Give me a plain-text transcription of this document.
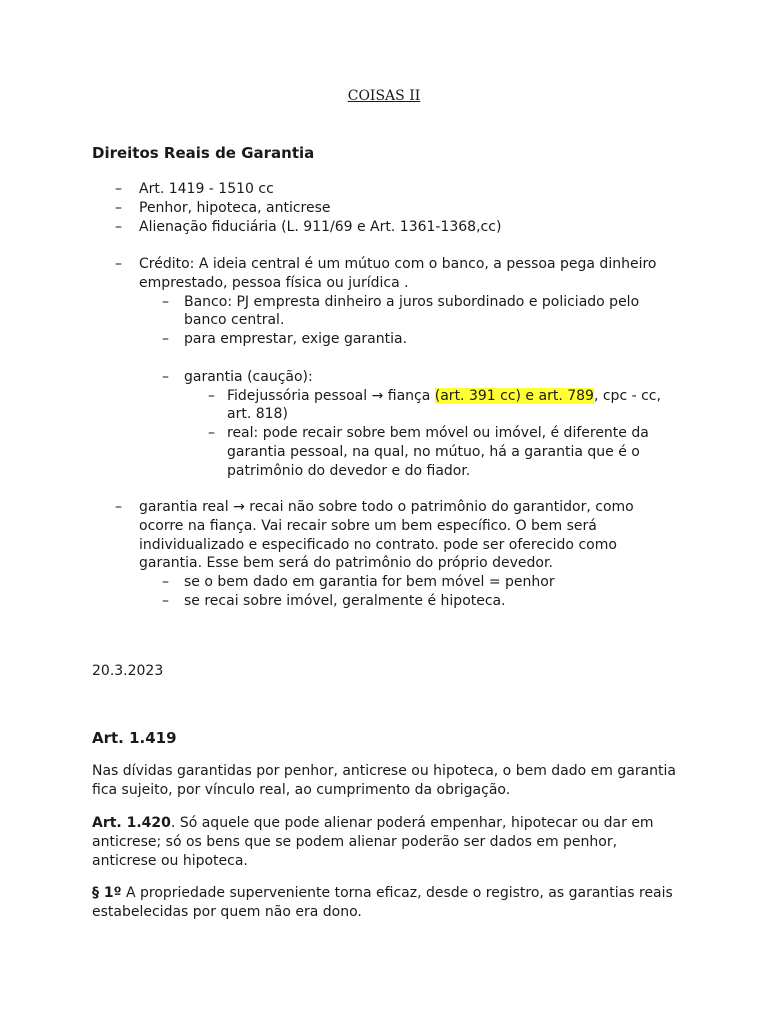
COISAS II
Direitos Reais de Garantia
– Art. 1419 - 1510 cc
– Penhor, hipoteca, anticrese
– Alienação fiduciária (L. 911/69 e Art. 1361-1368,cc)
– Crédito: A ideia central é um mútuo com o banco, a pessoa pega dinheiro emprestado, pessoa física ou jurídica .
– Banco: PJ empresta dinheiro a juros subordinado e policiado pelo banco central.
– para emprestar, exige garantia.
– garantia (caução):
– Fidejussória pessoal → fiança (art. 391 cc) e art. 789, cpc - cc, art. 818)
– real: pode recair sobre bem móvel ou imóvel, é diferente da garantia pessoal, na qual, no mútuo, há a garantia que é o patrimônio do devedor e do fiador.
– garantia real → recai não sobre todo o patrimônio do garantidor, como ocorre na fiança. Vai recair sobre um bem específico. O bem será individualizado e especificado no contrato. pode ser oferecido como garantia. Esse bem será do patrimônio do próprio devedor.
– se o bem dado em garantia for bem móvel = penhor
– se recai sobre imóvel, geralmente é hipoteca.
20.3.2023
Art. 1.419
Nas dívidas garantidas por penhor, anticrese ou hipoteca, o bem dado em garantia fica sujeito, por vínculo real, ao cumprimento da obrigação.
Art. 1.420. Só aquele que pode alienar poderá empenhar, hipotecar ou dar em anticrese; só os bens que se podem alienar poderão ser dados em penhor, anticrese ou hipoteca.
§ 1º A propriedade superveniente torna eficaz, desde o registro, as garantias reais estabelecidas por quem não era dono.
